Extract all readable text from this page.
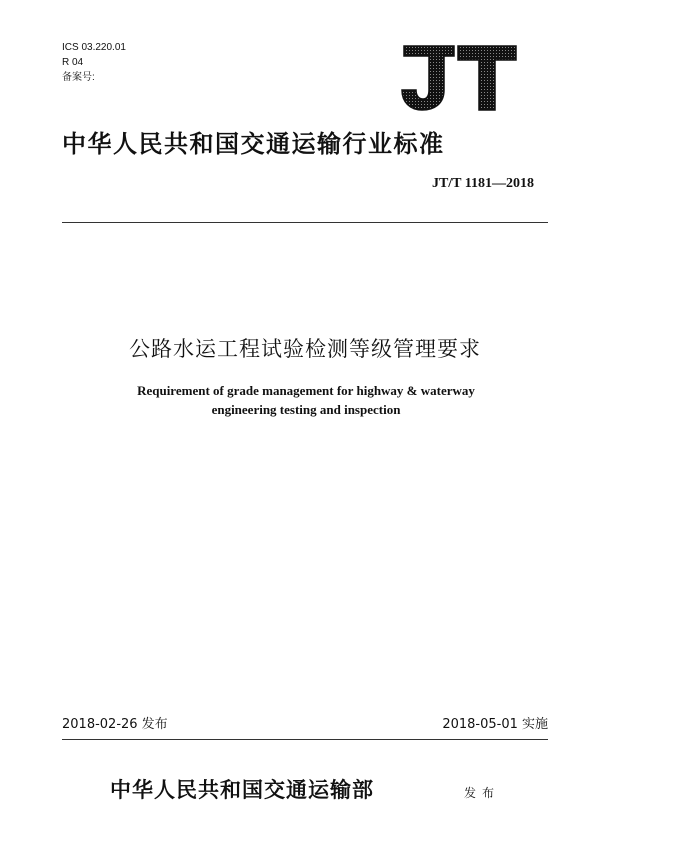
ICS 03.220.01
R 04
备案号:
中华人民共和国交通运输行业标准
JT/T 1181—2018
公路水运工程试验检测等级管理要求
Requirement of grade management for highway & waterway
engineering testing and inspection
2018-02-26 发布	2018-05-01 实施
中华人民共和国交通运输部	发布
